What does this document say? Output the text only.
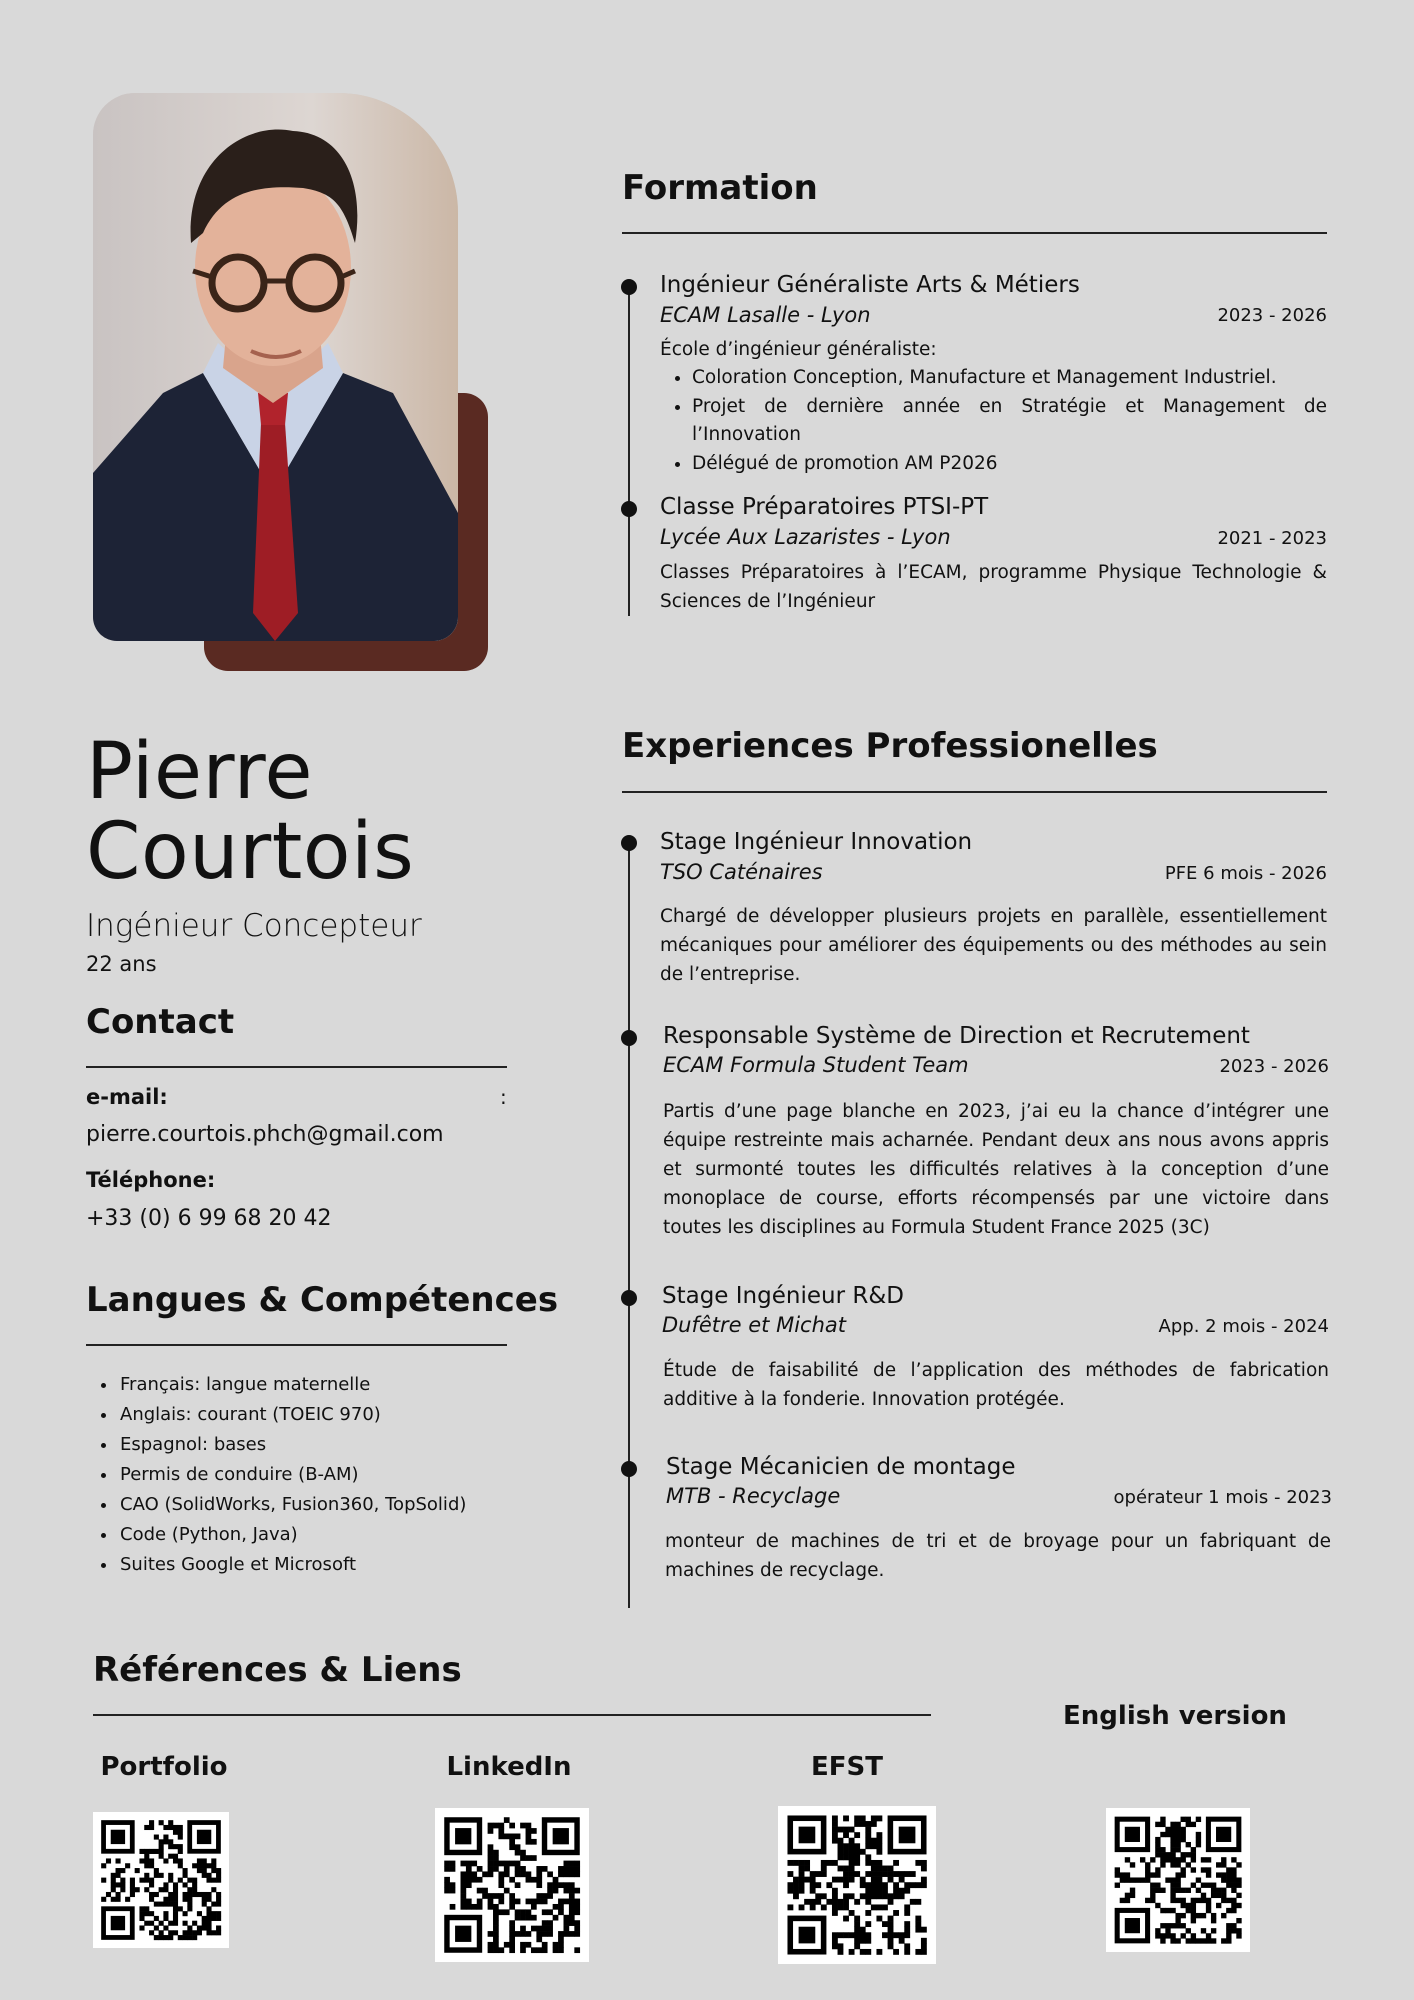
Pierre
Courtois
Ingénieur Concepteur
22 ans
Contact
e-mail:	:
pierre.courtois.phch@gmail.com
Téléphone:
+33 (0) 6 99 68 20 42
Langues & Compétences
• Français: langue maternelle
• Anglais: courant (TOEIC 970)
• Espagnol: bases
• Permis de conduire (B-AM)
• CAO (SolidWorks, Fusion360, TopSolid)
• Code (Python, Java)
• Suites Google et Microsoft
Formation
Ingénieur Généraliste Arts & Métiers
ECAM Lasalle - Lyon	2023 - 2026
École d’ingénieur généraliste:
• Coloration Conception, Manufacture et Management Industriel.
• Projet de dernière année en Stratégie et Management de l’Innovation
• Délégué de promotion AM P2026
Classe Préparatoires PTSI-PT
Lycée Aux Lazaristes - Lyon	2021 - 2023
Classes Préparatoires à l’ECAM, programme Physique Technologie & Sciences de l’Ingénieur
Experiences Professionelles
Stage Ingénieur Innovation
TSO Caténaires	PFE 6 mois - 2026
Chargé de développer plusieurs projets en parallèle, essentiellement mécaniques pour améliorer des équipements ou des méthodes au sein de l’entreprise.
Responsable Système de Direction et Recrutement
ECAM Formula Student Team	2023 - 2026
Partis d’une page blanche en 2023, j’ai eu la chance d’intégrer une équipe restreinte mais acharnée. Pendant deux ans nous avons appris et surmonté toutes les difficultés relatives à la conception d’une monoplace de course, efforts récompensés par une victoire dans toutes les disciplines au Formula Student France 2025 (3C)
Stage Ingénieur R&D
Dufêtre et Michat	App. 2 mois - 2024
Étude de faisabilité de l’application des méthodes de fabrication additive à la fonderie. Innovation protégée.
Stage Mécanicien de montage
MTB - Recyclage	opérateur 1 mois - 2023
monteur de machines de tri et de broyage pour un fabriquant de machines de recyclage.
Références & Liens
English version
Portfolio	LinkedIn	EFST
